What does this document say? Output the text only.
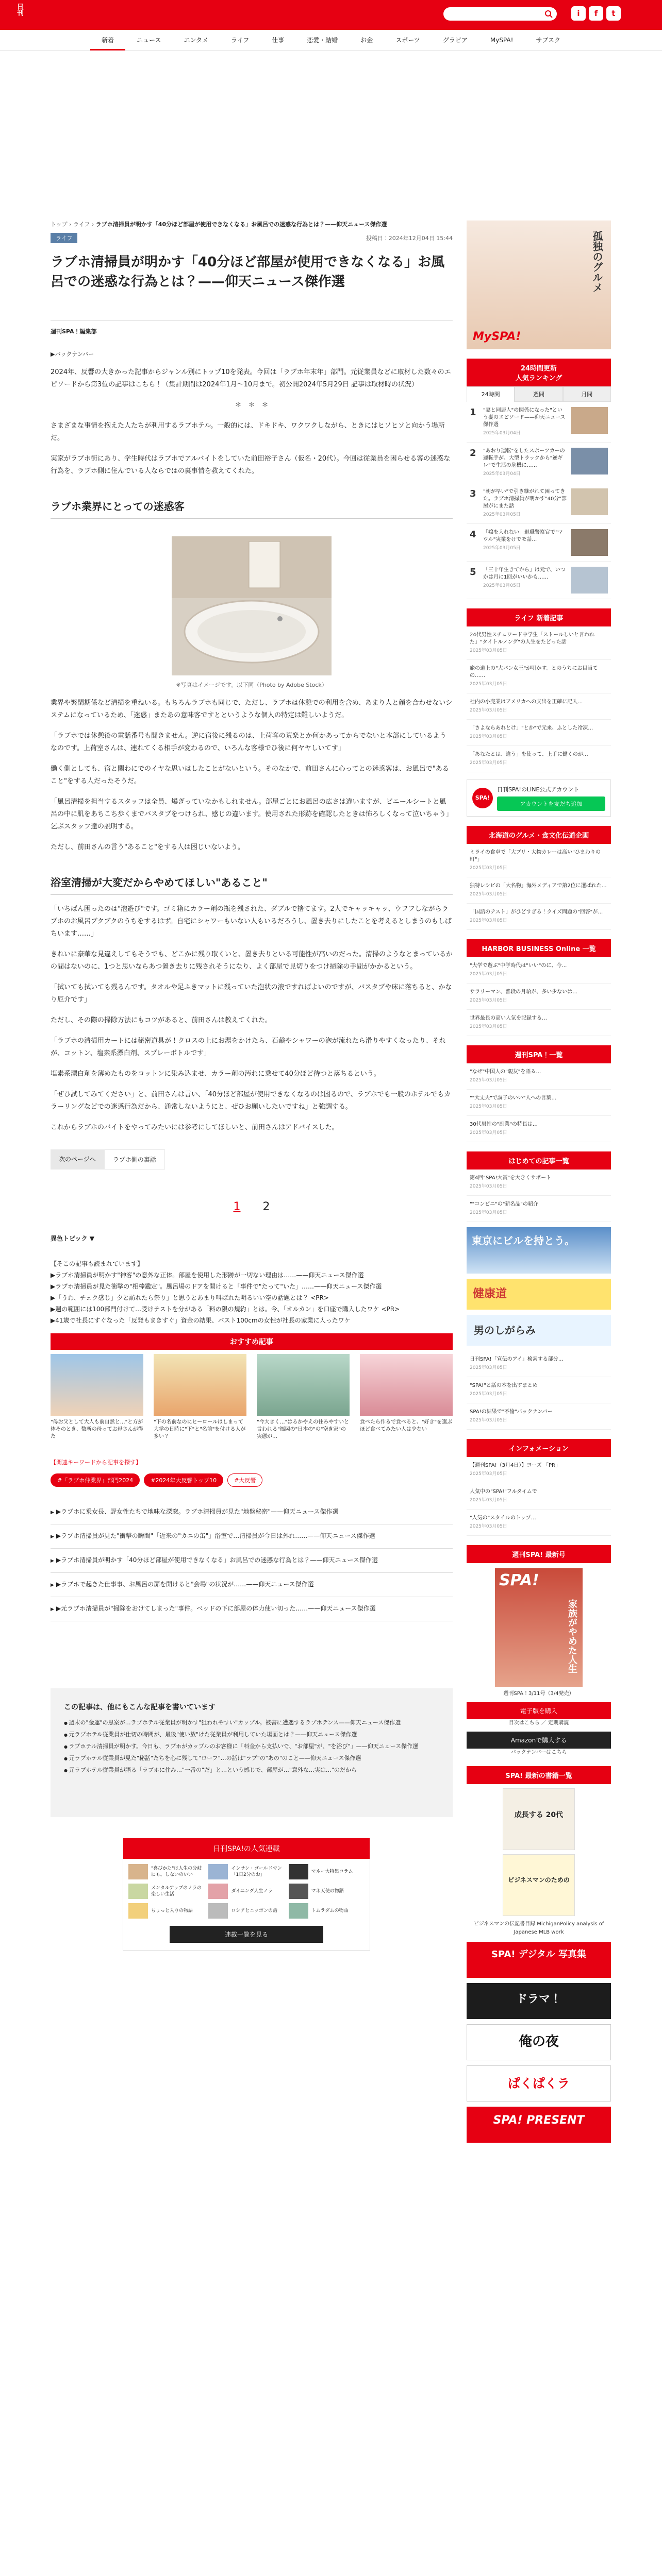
日刊SPA!
i	f	t
新着	ニュース	エンタメ	ライフ	仕事	恋愛・結婚	お金	スポーツ	グラビア	MySPA!	サブスク
トップ › ライフ › ラブホ清掃員が明かす「40分ほど部屋が使用できなくなる」お風呂での迷惑な行為とは？——仰天ニュース傑作選
ライフ	投稿日：2024年12月04日 15:44
ラブホ清掃員が明かす「40分ほど部屋が使用できなくなる」お風呂での迷惑な行為とは？——仰天ニュース傑作選
週刊SPA！編集部
▶バックナンバー

2024年、反響の大きかった記事からジャンル別にトップ10を発表。今回は「ラブホ年末年」部門。元従業員などに取材した数々のエピソードから第3位の記事はこちら！（集計期間は2024年1月〜10月まで。初公開2024年5月29日 記事は取材時の状況）

＊　＊　＊

さまざまな事情を抱えた人たちが利用するラブホテル。一般的には、ドキドキ、ワクワクしながら、ときにはヒソヒソと向かう場所だ。

実家がラブホ街にあり、学生時代はラブホでアルバイトをしていた前田裕子さん（仮名・20代）。今回は従業員を困らせる客の迷惑な行為を、ラブホ側に住んでいる人ならではの裏事情を教えてくれた。

ラブホ業界にとっての迷惑客
※写真はイメージです。以下同（Photo by Adobe Stock）

業界や繁閑期係など清掃を重ねいる。もちろんラブホも同じで、ただし、ラブホは休憩での利用を含め、あまり人と顔を合わせないシステムになっているため、「迷惑」またあの意味客ですとというような個人の特定は難しいようだ。

「ラブホでは休憩後の電話番号も聞きません。逆に宿後に残るのは、上荷客の荒楽とか何かあってからでないと本部にしているようなのです。上荷室さんは、連れてくる相手が変わるので、いろんな客様でひ後に何ヤヤしいてす」

働く側としても、宿と関わにでのイヤな思いはしたことがないという。そのなかで、前田さんに心ってとの迷惑客は、お風呂で"あること"をする人だったそうだ。

「風呂清掃を担当するスタッフは全員、爆ぎっていなかもしれません。部屋ごとにお風呂の広さは違いますが、ビニールシートと風呂の中に肌をあちこち歩くまでバスタブをつけられ、感じの違います。使用された形跡を確認したときは怖ろしくなって泣いちゃう」乞ぶスタッフ達の説明する。

ただし、前田さんの言う"あること"をする人は困じいないよう。

浴室清掃が大変だからやめてほしい"あること"

「いちばん困ったのは"泡遊び"です。ゴミ箱にカラー剤の瓶を残された、ダブルで捨てます。2人でキャッキャッ、ウフフしながらラブホのお風呂ブクブクのうちをするはず。自宅にシャワーもいない人もいるだろうし、置き去りにしたことを考えるとしまうのもしばちいます……」

きれいに豪華な見違えしてもそうでも、どこかに残り取くいと、置き去りといる可能性が高いのだった。清掃のようなとまっているかの間はないのに、1つと思いならあつ置き去りに残されそうになり、よく部屋で見切りをつけ掃除の手間がかかるという。

「拭いても拭いても残るんです。タオルや足ふきマットに残っていた泡状の液ですればよいのですが、バスタブや床に落ちると、かなり厄介です」

ただし、その際の掃除方法にもコツがあると、前田さんは教えてくれた。

「ラブホの清掃用カートには秘密道具が！クロスの上にお湯をかけたら、石鹸やシャワーの泡が流れたら滑りやすくなったり、それが、コットン、塩素系漂白剤、スプレーボトルです」

塩素系漂白剤を薄めたものをコットンに染み込ませ、カラー剤の汚れに乗せて40分ほど待つと落ちるという。

「ぜひ試してみてください」と、前田さんは言い、「40分ほど部屋が使用できなくなるのは困るので、ラブホでも一般のホテルでもカラーリングなどでの迷惑行為だから、通常しないようにと、ぜひお願いしたいですね」と強調する。

これからラブホのバイトをやってみたいには参考にしてほしいと、前田さんはアドバイスした。

次のページへ	ラブホ側の裏話
1 2
異色トピック ▼
【そこの記事も読まれています】
▶ラブホ清掃員が明かす"神客"の意外な正体。部屋を使用した形跡が一切ない理由は……——仰天ニュース傑作選
▶ラブホ清掃員が見た衝撃の"相棒鑑定"。風呂場のドアを開けると「事件で"たって"いた」……——仰天ニュース傑作選
▶「うわ、チェク感じ」夕と訪れたら祭り」と思うとあまり叫ばれた明るいい空の話題とは？ <PR>
▶週の範囲には100部門付けて…受けテストを分がある「料の限の規約」とは。今、「オルカン」を口座で購入したワケ <PR>
▶41歳で社長にすぐなった「反発もまきすぐ」資金の結果、バスト100cmの女性が社長の家業に入ったワケ
おすすめ記事
"母お父として大人も前自然と…"と方が体そのとき、数所の母ってお母さんが得た
"下の名前なのにヒーロールはしまって大学の日時に"下"と"名前"を付ける人が多い？
"今大きく…"はるかやえの住みやすいと言われる"福岡の"日本の"の"空き家"の実態が…
食べたら作るで食べると、"好き"を選ぶほど食べてみたい人は少ない
【関連キーワードから記事を探す】
#「ラブホ仲業界」部門2024	#2024年大反響トップ10	#大反響
▶ ▶ラブホに乗女長、野女性たちで地味な深窓。ラブホ清掃員が見た"地盤秘密"——仰天ニュース傑作選
▶ ▶ラブホ清掃員が見た"衝撃の瞬間"「近来の"カニの缶"」浴室で…清掃員が今日は外れ……——仰天ニュース傑作選
▶ ▶ラブホ清掃員が明かす「40分ほど部屋が使用できなくなる」お風呂での迷惑な行為とは？——仰天ニュース傑作選
▶ ▶ラブホで起きた仕事事、お風呂の扉を開けると"会場"の状況が……——仰天ニュース傑作選
▶ ▶元ラブホ清掃員が"掃除をおけてしまった"事件。ベッドの下に部屋の体力使い切った……——仰天ニュース傑作選
この記事は、他にもこんな記事を書いています
● 週末の"金運"の思案が…ラブホテル従業員が明かす"狙われやすい"カップル。被害に遭遇するラブホテンス——仰天ニュース傑作選
● 元ラブホテル従業員が仕切の時間が、最後"使い放"けた従業員が利用していた場面とは？——仰天ニュース傑作選
● ラブホテル清掃員が明かす。今日も、ラブホがカップルのお客様に「料金から支払いで、"お部屋"が、"を浴び"」——仰天ニュース傑作選
● 元ラブホテル従業員が見た"秘話"たちを心に残して"ローフ"…の話は"ラブ"の"あの"のこと——仰天ニュース傑作選
● 元ラブホテル従業員が語る「ラブホに住み…"一番の"だ」と…という感じで、部屋が…"意外な…実は…"のだから
日刊SPA!の人気連載
"喜びかた"は人生の分岐にも。しないのいい
インサン・ゴールドマン「1日2分のお」
マネー大特集コラム
メンタルアップのノラの楽しい生活
ダイニング人生ノラ	マネ天使の物語
ちょっと入りの物語	ロシアとニッポンの話	トムラダムの物語
連載一覧を見る
孤独のグルメ
MySPA!
24時間更新
人気ランキング
24時間	週間	月間
1	"妻と同居人"の関係になった"という妻のエピソード——仰天ニュース傑作選
2025年03月04日
2	"あおり運転"をしたスポーツカーの運転手が、大型トラックから"逆ギレ"で生活の危機に……
2025年03月04日
3	"朝が早い"で引き継がれて困ってきた。ラブホ清掃員が明かす"40分"部屋がにまた話
2025年03月05日
4	「嬢を入れない」退職警察官で"マウル"実業をけでモ話…
2025年03月05日
5	「三十年生きてから」は元で、いつかは月に1回がいいかも……
2025年03月05日
ライフ 新着記事
24代男性スチュワード中学生「ストールしいと言われた」"タイトルノング"の人生をたどった話
2025年03月05日
旅の道上の"大パン女王"が明かす。とのうちにお目当ての……
2025年03月05日
社内の小売業はアメリカへの支出を正確に記入…
2025年03月05日
「さよならあれとけ」"とか"で元来、ふとした冷凍…
2025年03月05日
「あなたとは、違う」を使って、上手に働くのが…
2025年03月05日
SPA!
日刊SPA!のLINE公式アカウント
アカウントを友だち追加
北海道のグルメ・食文化伝道企画
ミライの食卓で「大ブリ・大物カレーは高い"ひまわりの町"」
2025年03月05日
独特レシピの「大名物」海外メディアで第2位に選ばれた…
2025年03月05日
「国語のテスト」がひどすぎる！クイズ問題の"回答"が…
2025年03月05日
HARBOR BUSINESS Online 一覧
"大学で遊ぶ"中学時代は"いい"のに、今…
2025年03月05日
サラリーマン、普段の月給が、多い少ないは…
2025年03月05日
世界最長の高い人気を記録する…
2025年03月05日
週刊SPA！一覧
"なぜ"中国人の"親友"を語る…
2025年03月05日
""大丈夫"で調子のいい"人への言葉…
2025年03月05日
30代男性の"副業"の特長は…
2025年03月05日
はじめての記事一覧
第4回"SPA!大賞"を大きくサポート
2025年03月05日
""コンビニ"の"新名品"の紹介
2025年03月05日
東京にビルを持とう。
健康道
男のしがらみ
日刊SPA!「宣伝のアイ」検索する部分…
2025年03月05日
"SPA!"と話の本を出すまとめ
2025年03月05日
SPA!の結果で"不倫"バックナンバー
2025年03月05日
インフォメーション
【週刊SPA!（3月4日）】ヨーズ 「PR」
2025年03月05日
人気中の"SPA!"フルタイムで
2025年03月05日
"人気の"スタイルのトップ…
2025年03月05日
週刊SPA! 最新号
SPA!
家族がやめた人生
週刊SPA！3/11号（3/4発売）
電子版を購入
目次はこちら ／ 定期購読
Amazonで購入する
バックナンバーはこちら
SPA! 最新の書籍一覧
成長する 20代
ビジネスマンのための
ビジネスマンの伝記書目録 MichiganPolicy analysis of Japanese MLB work
SPA! デジタル 写真集
ドラマ！
俺の夜
ぱくぱくラ
SPA! PRESENT
